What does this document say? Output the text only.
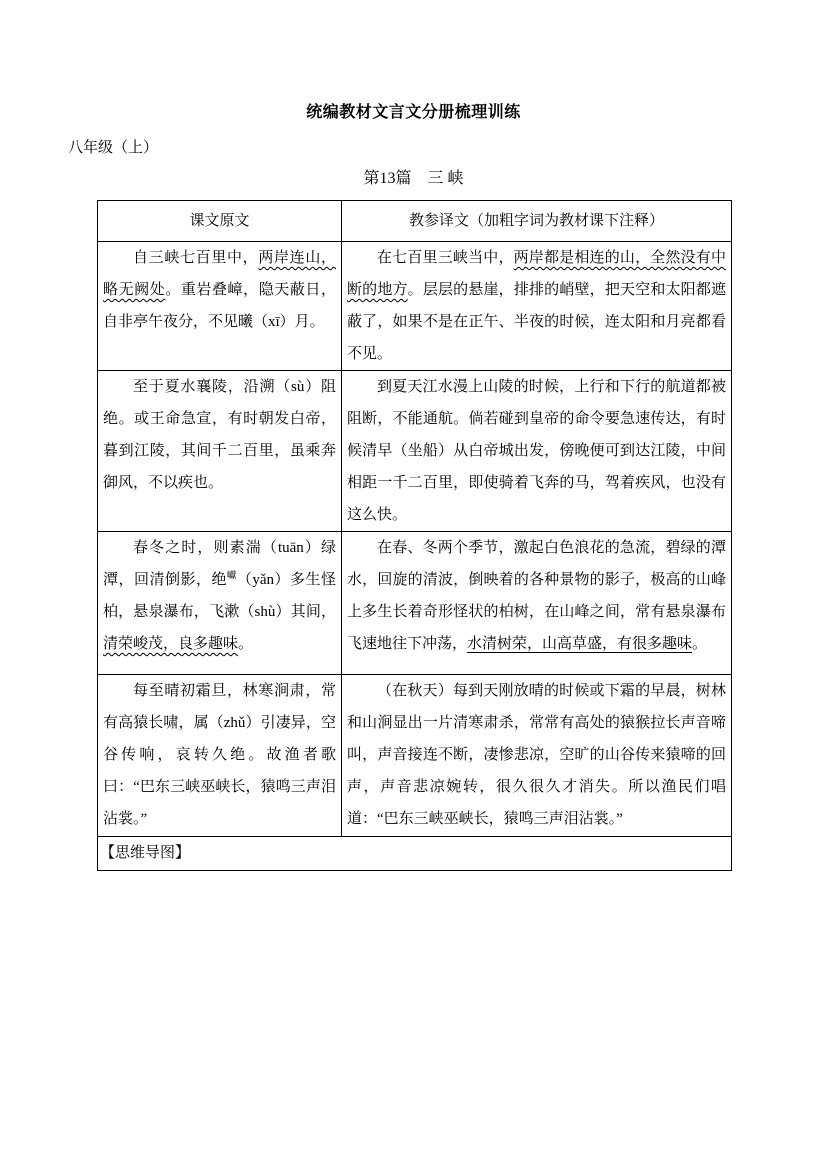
统编教材文言文分册梳理训练
八年级（上）
第13篇　三 峡
课文原文	教参译文（加粗字词为教材课下注释）

自三峡七百里中，两岸连山，略无阙处。重岩叠嶂，隐天蔽日，自非亭午夜分，不见曦（xī）月。	在七百里三峡当中，两岸都是相连的山，全然没有中断的地方。层层的悬崖，排排的峭壁，把天空和太阳都遮蔽了，如果不是在正午、半夜的时候，连太阳和月亮都看不见。

至于夏水襄陵，沿溯（sù）阻绝。或王命急宣，有时朝发白帝，暮到江陵，其间千二百里，虽乘奔御风，不以疾也。	到夏天江水漫上山陵的时候，上行和下行的航道都被阻断，不能通航。倘若碰到皇帝的命令要急速传达，有时候清早（坐船）从白帝城出发，傍晚便可到达江陵，中间相距一千二百里，即使骑着飞奔的马，驾着疾风，也没有这么快。

春冬之时，则素湍（tuān）绿潭，回清倒影，绝$^巘$（yǎn）多生怪柏，悬泉瀑布，飞漱（shù）其间，清荣峻茂，良多趣味。	在春、冬两个季节，激起白色浪花的急流，碧绿的潭水，回旋的清波，倒映着的各种景物的影子，极高的山峰上多生长着奇形怪状的柏树，在山峰之间，常有悬泉瀑布飞速地往下冲荡，水清树荣，山高草盛，有很多趣味。

每至晴初霜旦，林寒涧肃，常有高猿长啸，属（zhǔ）引凄异，空谷传响，哀转久绝。故渔者歌曰：“巴东三峡巫峡长，猿鸣三声泪沾裳。”	（在秋天）每到天刚放晴的时候或下霜的早晨，树林和山涧显出一片清寒肃杀，常常有高处的猿猴拉长声音啼叫，声音接连不断，凄惨悲凉，空旷的山谷传来猿啼的回声，声音悲凉婉转，很久很久才消失。所以渔民们唱道：“巴东三峡巫峡长，猿鸣三声泪沾裳。”

【思维导图】	
